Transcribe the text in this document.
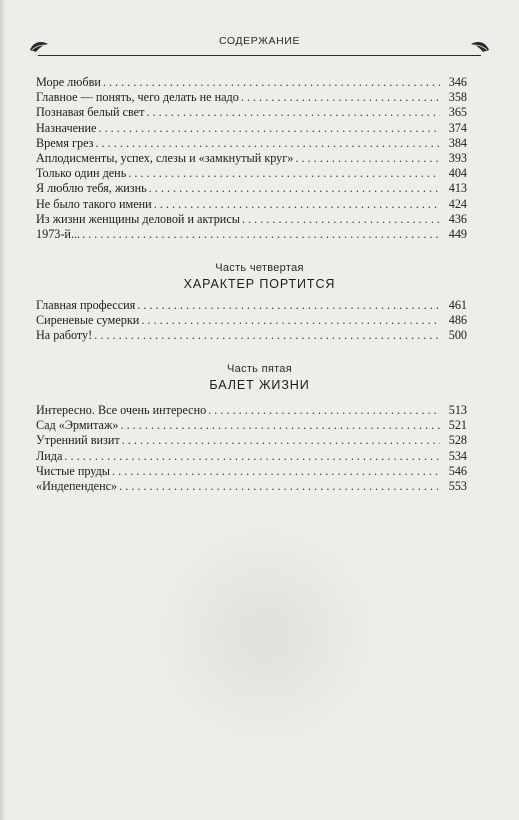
СОДЕРЖАНИЕ
Море любви . . .	346
Главное — понять, чего делать не надо . . .	358
Познавая белый свет . . .	365
Назначение . . .	374
Время грез . . .	384
Аплодисменты, успех, слезы и «замкнутый круг» . . .	393
Только один день . . .	404
Я люблю тебя, жизнь . . .	413
Не было такого имени . . .	424
Из жизни женщины деловой и актрисы . . .	436
1973-й... . . .	449
Часть четвертая
ХАРАКТЕР ПОРТИТСЯ
Главная профессия . . .	461
Сиреневые сумерки . . .	486
На работу! . . .	500
Часть пятая
БАЛЕТ ЖИЗНИ
Интересно. Все очень интересно . . .	513
Сад «Эрмитаж» . . .	521
Утренний визит . . .	528
Лида . . .	534
Чистые пруды . . .	546
«Индепенденс» . . .	553
